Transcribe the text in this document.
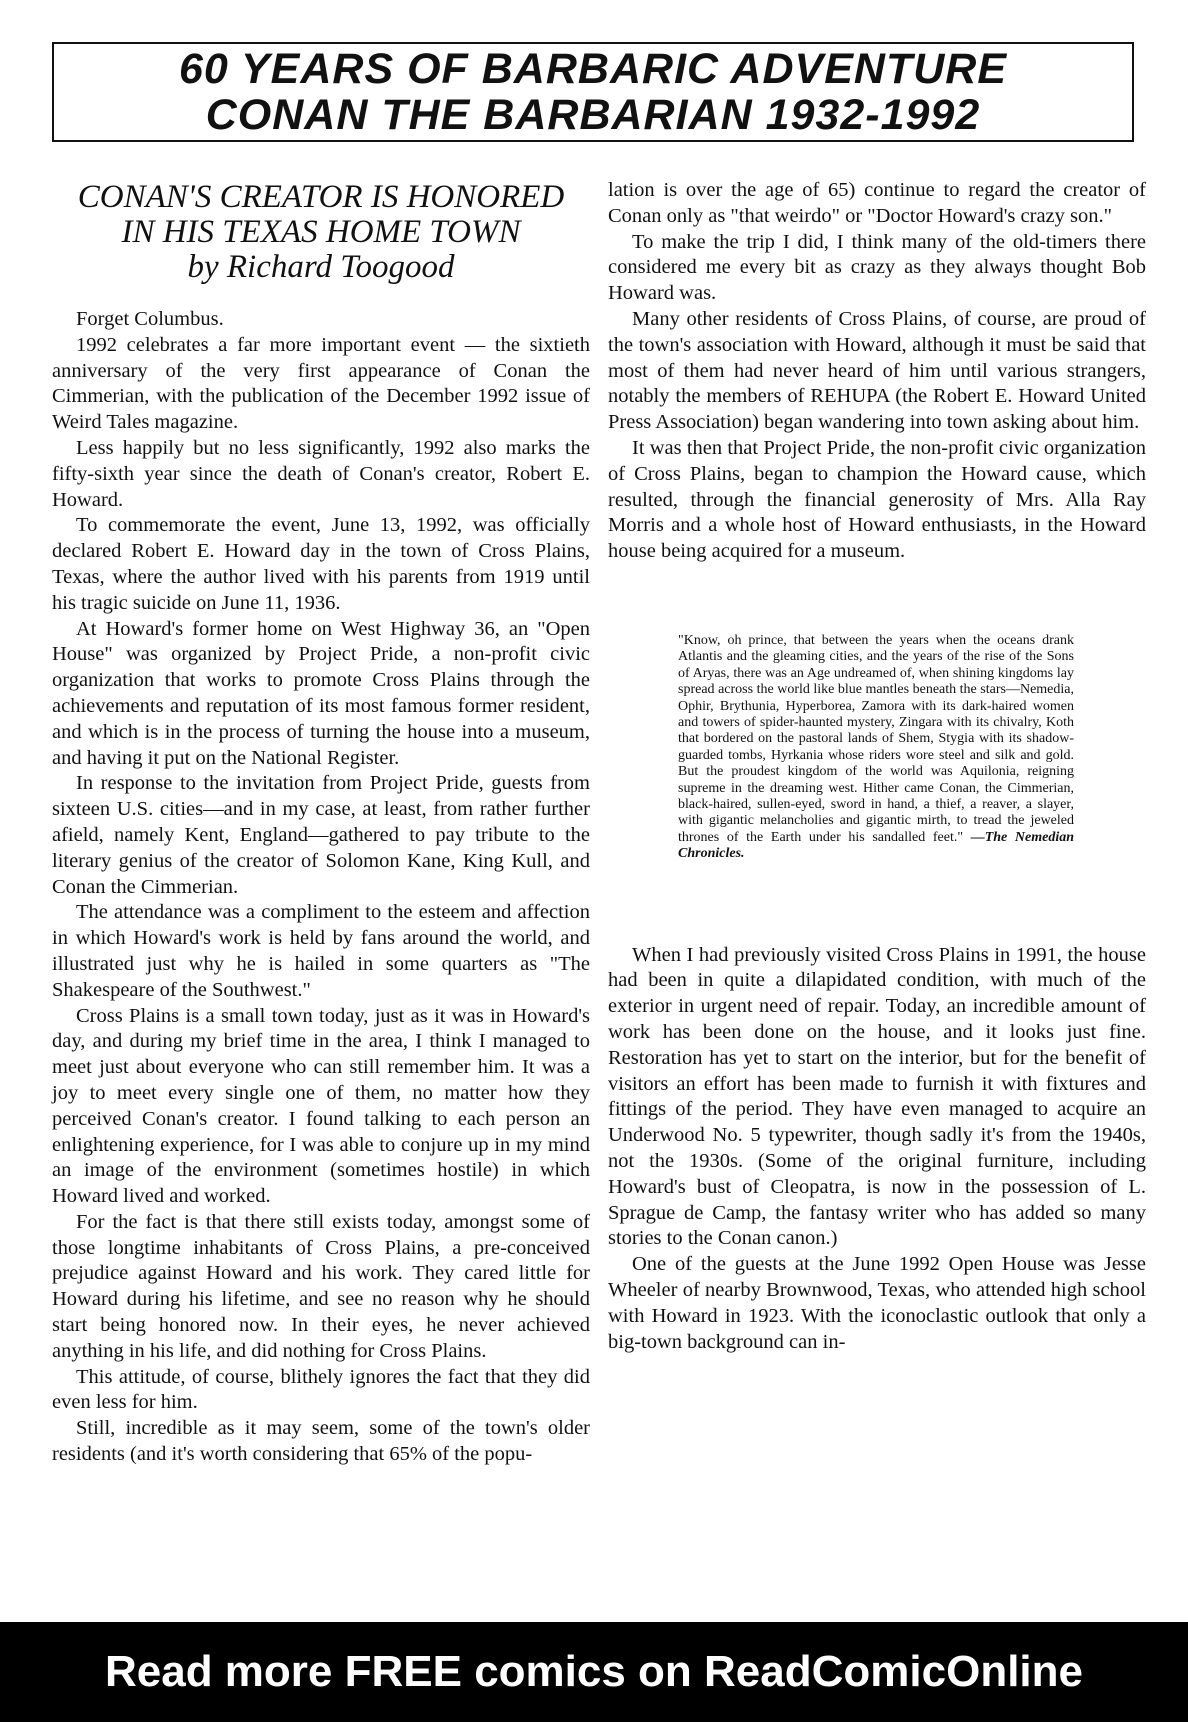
60 YEARS OF BARBARIC ADVENTURE
CONAN THE BARBARIAN 1932-1992
CONAN'S CREATOR IS HONORED
IN HIS TEXAS HOME TOWN
by Richard Toogood

Forget Columbus.

1992 celebrates a far more important event — the sixtieth anniversary of the very first appearance of Conan the Cimmerian, with the publication of the December 1992 issue of Weird Tales magazine.

Less happily but no less significantly, 1992 also marks the fifty-sixth year since the death of Conan's creator, Robert E. Howard.

To commemorate the event, June 13, 1992, was officially declared Robert E. Howard day in the town of Cross Plains, Texas, where the author lived with his parents from 1919 until his tragic suicide on June 11, 1936.

At Howard's former home on West Highway 36, an "Open House" was organized by Project Pride, a non-profit civic organization that works to promote Cross Plains through the achievements and reputation of its most famous former resident, and which is in the process of turning the house into a museum, and having it put on the National Register.

In response to the invitation from Project Pride, guests from sixteen U.S. cities—and in my case, at least, from rather further afield, namely Kent, England—gathered to pay tribute to the literary genius of the creator of Solomon Kane, King Kull, and Conan the Cimmerian.

The attendance was a compliment to the esteem and affection in which Howard's work is held by fans around the world, and illustrated just why he is hailed in some quarters as "The Shakespeare of the Southwest."

Cross Plains is a small town today, just as it was in Howard's day, and during my brief time in the area, I think I managed to meet just about everyone who can still remember him. It was a joy to meet every single one of them, no matter how they perceived Conan's creator. I found talking to each person an enlightening experience, for I was able to conjure up in my mind an image of the environment (sometimes hostile) in which Howard lived and worked.

For the fact is that there still exists today, amongst some of those longtime inhabitants of Cross Plains, a pre-conceived prejudice against Howard and his work. They cared little for Howard during his lifetime, and see no reason why he should start being honored now. In their eyes, he never achieved anything in his life, and did nothing for Cross Plains.

This attitude, of course, blithely ignores the fact that they did even less for him.

Still, incredible as it may seem, some of the town's older residents (and it's worth considering that 65% of the popu-

lation is over the age of 65) continue to regard the creator of Conan only as "that weirdo" or "Doctor Howard's crazy son."

To make the trip I did, I think many of the old-timers there considered me every bit as crazy as they always thought Bob Howard was.

Many other residents of Cross Plains, of course, are proud of the town's association with Howard, although it must be said that most of them had never heard of him until various strangers, notably the members of REHUPA (the Robert E. Howard United Press Association) began wandering into town asking about him.

It was then that Project Pride, the non-profit civic organization of Cross Plains, began to champion the Howard cause, which resulted, through the financial generosity of Mrs. Alla Ray Morris and a whole host of Howard enthusiasts, in the Howard house being acquired for a museum.

"Know, oh prince, that between the years when the oceans drank Atlantis and the gleaming cities, and the years of the rise of the Sons of Aryas, there was an Age undreamed of, when shining kingdoms lay spread across the world like blue mantles beneath the stars—Nemedia, Ophir, Brythunia, Hyperborea, Zamora with its dark-haired women and towers of spider-haunted mystery, Zingara with its chivalry, Koth that bordered on the pastoral lands of Shem, Stygia with its shadow-guarded tombs, Hyrkania whose riders wore steel and silk and gold. But the proudest kingdom of the world was Aquilonia, reigning supreme in the dreaming west. Hither came Conan, the Cimmerian, black-haired, sullen-eyed, sword in hand, a thief, a reaver, a slayer, with gigantic melancholies and gigantic mirth, to tread the jeweled thrones of the Earth under his sandalled feet." —The Nemedian Chronicles.

When I had previously visited Cross Plains in 1991, the house had been in quite a dilapidated condition, with much of the exterior in urgent need of repair. Today, an incredible amount of work has been done on the house, and it looks just fine. Restoration has yet to start on the interior, but for the benefit of visitors an effort has been made to furnish it with fixtures and fittings of the period. They have even managed to acquire an Underwood No. 5 typewriter, though sadly it's from the 1940s, not the 1930s. (Some of the original furniture, including Howard's bust of Cleopatra, is now in the possession of L. Sprague de Camp, the fantasy writer who has added so many stories to the Conan canon.)

One of the guests at the June 1992 Open House was Jesse Wheeler of nearby Brownwood, Texas, who attended high school with Howard in 1923. With the iconoclastic outlook that only a big-town background can in-

Read more FREE comics on ReadComicOnline
